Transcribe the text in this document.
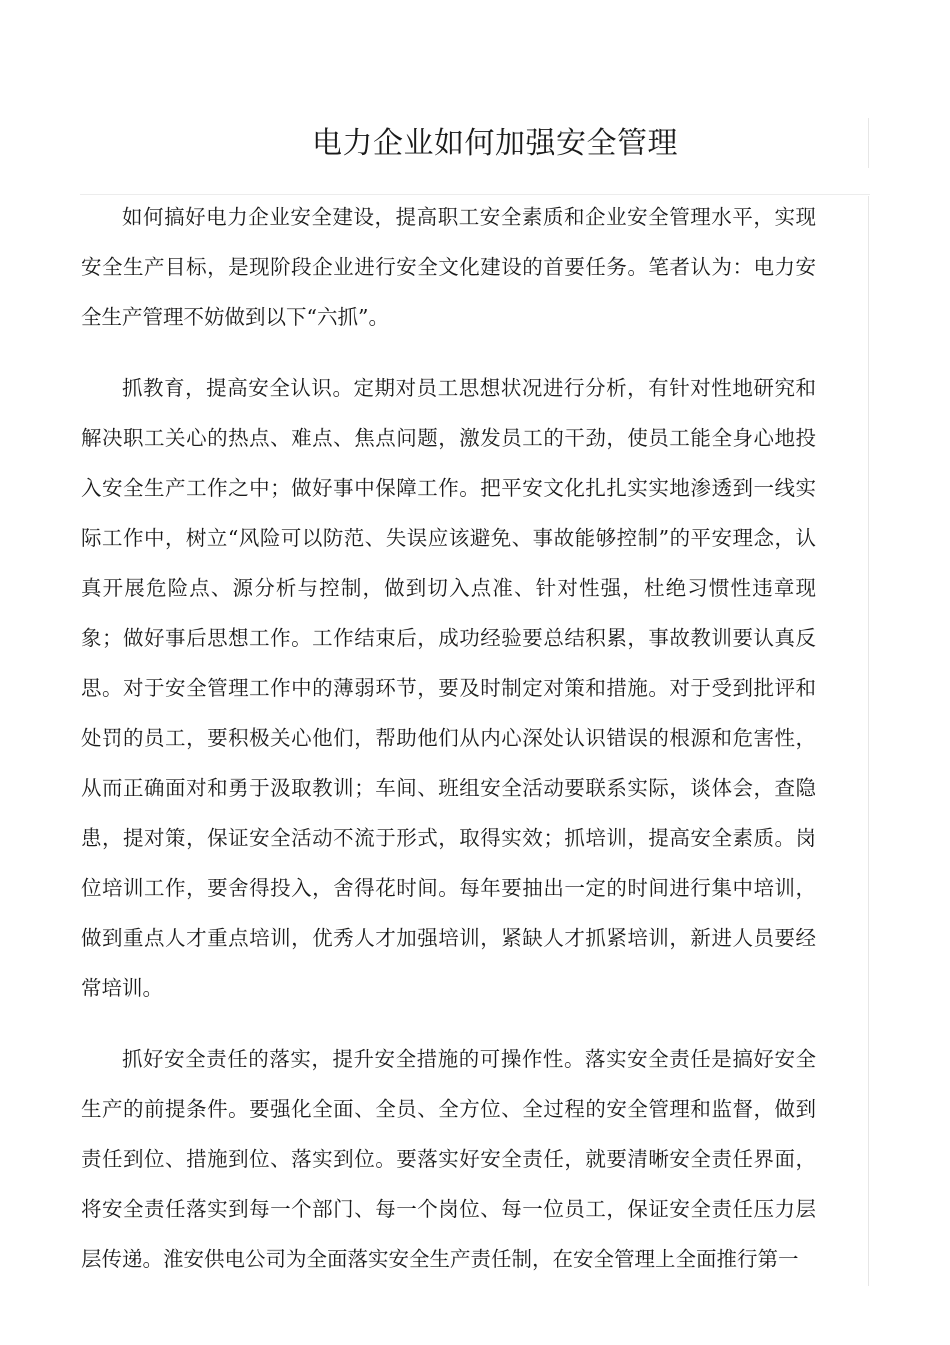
电力企业如何加强安全管理

如何搞好电力企业安全建设，提高职工安全素质和企业安全管理水平，实现安全生产目标，是现阶段企业进行安全文化建设的首要任务。笔者认为：电力安全生产管理不妨做到以下“六抓”。

抓教育，提高安全认识。定期对员工思想状况进行分析，有针对性地研究和解决职工关心的热点、难点、焦点问题，激发员工的干劲，使员工能全身心地投入安全生产工作之中；做好事中保障工作。把平安文化扎扎实实地渗透到一线实际工作中，树立“风险可以防范、失误应该避免、事故能够控制”的平安理念，认真开展危险点、源分析与控制，做到切入点准、针对性强，杜绝习惯性违章现象；做好事后思想工作。工作结束后，成功经验要总结积累，事故教训要认真反思。对于安全管理工作中的薄弱环节，要及时制定对策和措施。对于受到批评和处罚的员工，要积极关心他们，帮助他们从内心深处认识错误的根源和危害性，从而正确面对和勇于汲取教训；车间、班组安全活动要联系实际，谈体会，查隐患，提对策，保证安全活动不流于形式，取得实效；抓培训，提高安全素质。岗位培训工作，要舍得投入，舍得花时间。每年要抽出一定的时间进行集中培训，做到重点人才重点培训，优秀人才加强培训，紧缺人才抓紧培训，新进人员要经常培训。

抓好安全责任的落实，提升安全措施的可操作性。落实安全责任是搞好安全生产的前提条件。要强化全面、全员、全方位、全过程的安全管理和监督，做到责任到位、措施到位、落实到位。要落实好安全责任，就要清晰安全责任界面，将安全责任落实到每一个部门、每一个岗位、每一位员工，保证安全责任压力层层传递。淮安供电公司为全面落实安全生产责任制，在安全管理上全面推行第一
